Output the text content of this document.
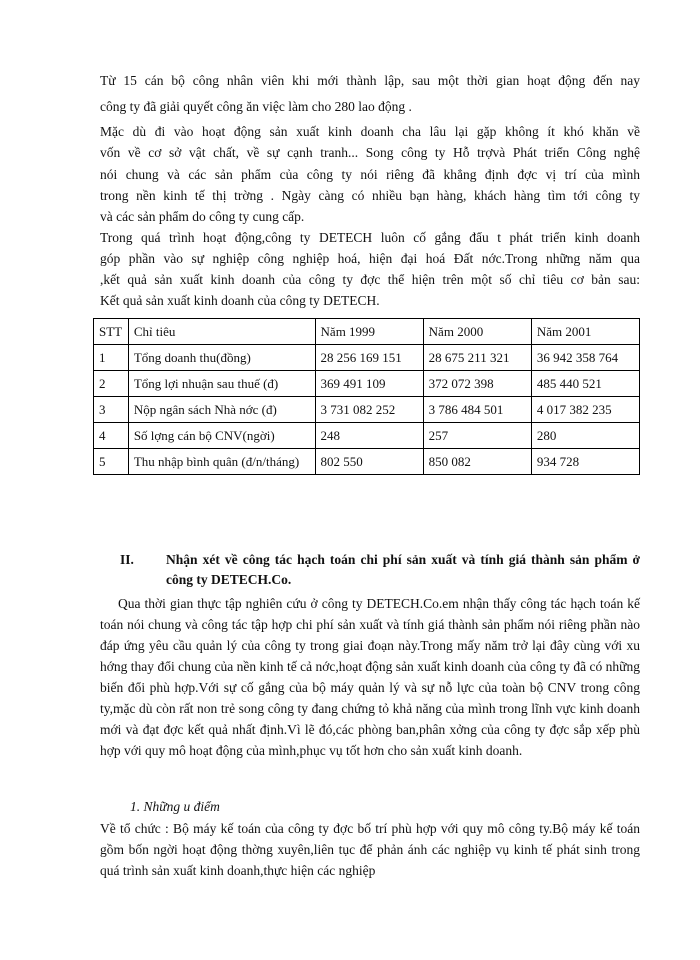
Từ 15 cán bộ công nhân viên khi mới thành lập, sau một thời gian hoạt động đến nay
công ty đã giải quyết công ăn việc làm cho 280 lao động .
Mặc dù đi vào hoạt động sản xuất kinh doanh cha lâu lại gặp không ít khó khăn về
vốn về cơ sở vật chất, về sự cạnh tranh... Song công ty Hỗ trợvà Phát triển Công nghệ
nói chung và các sản phẩm của công ty nói riêng đã khẳng định đợc vị trí của mình
trong nền kinh tế thị trờng . Ngày càng có nhiều bạn hàng, khách hàng tìm tới công ty
và các sản phẩm do công ty cung cấp.
Trong quá trình hoạt động,công ty DETECH luôn cố gắng đẩu t phát triển kinh doanh
góp phần vào sự nghiệp công nghiệp hoá, hiện đại hoá Đất nớc.Trong những năm qua
,kết quả sản xuất kinh doanh của công ty đợc thể hiện trên một số chỉ tiêu cơ bản sau:
Kết quả sản xuất kinh doanh của công ty DETECH.
STT	Chỉ tiêu	Năm 1999	Năm 2000	Năm 2001
1	Tổng doanh thu(đồng)	28 256 169 151	28 675 211 321	36 942 358 764
2	Tổng lợi nhuận sau thuế (đ)	369 491 109	372 072 398	485 440 521
3	Nộp ngân sách Nhà nớc (đ)	3 731 082 252	3 786 484 501	4 017 382 235
4	Số lợng cán bộ CNV(ngời)	248	257	280
5	Thu nhập bình quân (đ/n/tháng)	802 550	850 082	934 728
II. Nhận xét về công tác hạch toán chi phí sản xuất và tính giá thành sản phẩm ở công ty DETECH.Co.

Qua thời gian thực tập nghiên cứu ở công ty DETECH.Co.em nhận thấy công tác hạch toán kế toán nói chung và công tác tập hợp chi phí sản xuất và tính giá thành sản phẩm nói riêng phần nào đáp ứng yêu cầu quản lý của công ty trong giai đoạn này.Trong mấy năm trở lại đây cùng với xu hớng thay đổi chung của nền kinh tế cả nớc,hoạt động sản xuất kinh doanh của công ty đã có những biến đổi phù hợp.Với sự cố gắng của bộ máy quản lý và sự nỗ lực của toàn bộ CNV trong công ty,mặc dù còn rất non trẻ song công ty đang chứng tỏ khả năng của mình trong lĩnh vực kinh doanh mới và đạt đợc kết quả nhất định.Vì lẽ đó,các phòng ban,phân xởng của công ty đợc sắp xếp phù hợp với quy mô hoạt động của mình,phục vụ tốt hơn cho sản xuất kinh doanh.

1. Những u điểm

Về tổ chức : Bộ máy kế toán của công ty đợc bố trí phù hợp với quy mô công ty.Bộ máy kế toán gồm bốn ngời hoạt động thờng xuyên,liên tục để phản ánh các nghiệp vụ kinh tế phát sinh trong quá trình sản xuất kinh doanh,thực hiện các nghiệp
